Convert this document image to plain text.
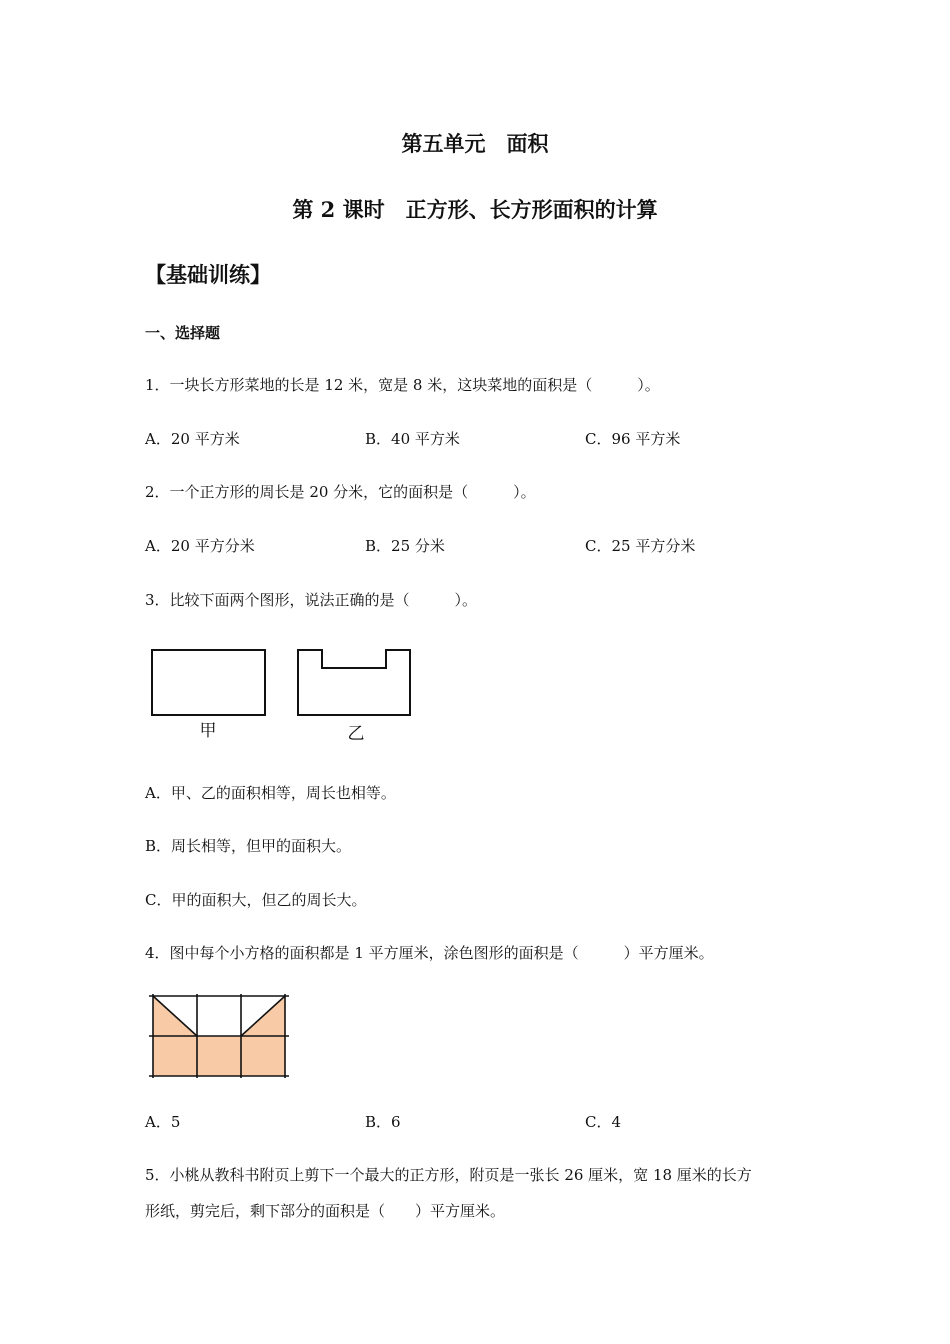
第五单元　面积
第 2 课时　正方形、长方形面积的计算
【基础训练】
一、选择题
1．一块长方形菜地的长是 12 米，宽是 8 米，这块菜地的面积是（　　　）。
A．20 平方米	B．40 平方米	C．96 平方米
2．一个正方形的周长是 20 分米，它的面积是（　　　）。
A．20 平方分米	B．25 分米	C．25 平方分米
3．比较下面两个图形，说法正确的是（　　　）。
甲	乙
A．甲、乙的面积相等，周长也相等。
B．周长相等，但甲的面积大。
C．甲的面积大，但乙的周长大。
4．图中每个小方格的面积都是 1 平方厘米，涂色图形的面积是（　　　）平方厘米。
A．5	B．6	C．4
5．小桃从教科书附页上剪下一个最大的正方形，附页是一张长 26 厘米，宽 18 厘米的长方
形纸，剪完后，剩下部分的面积是（　　）平方厘米。
